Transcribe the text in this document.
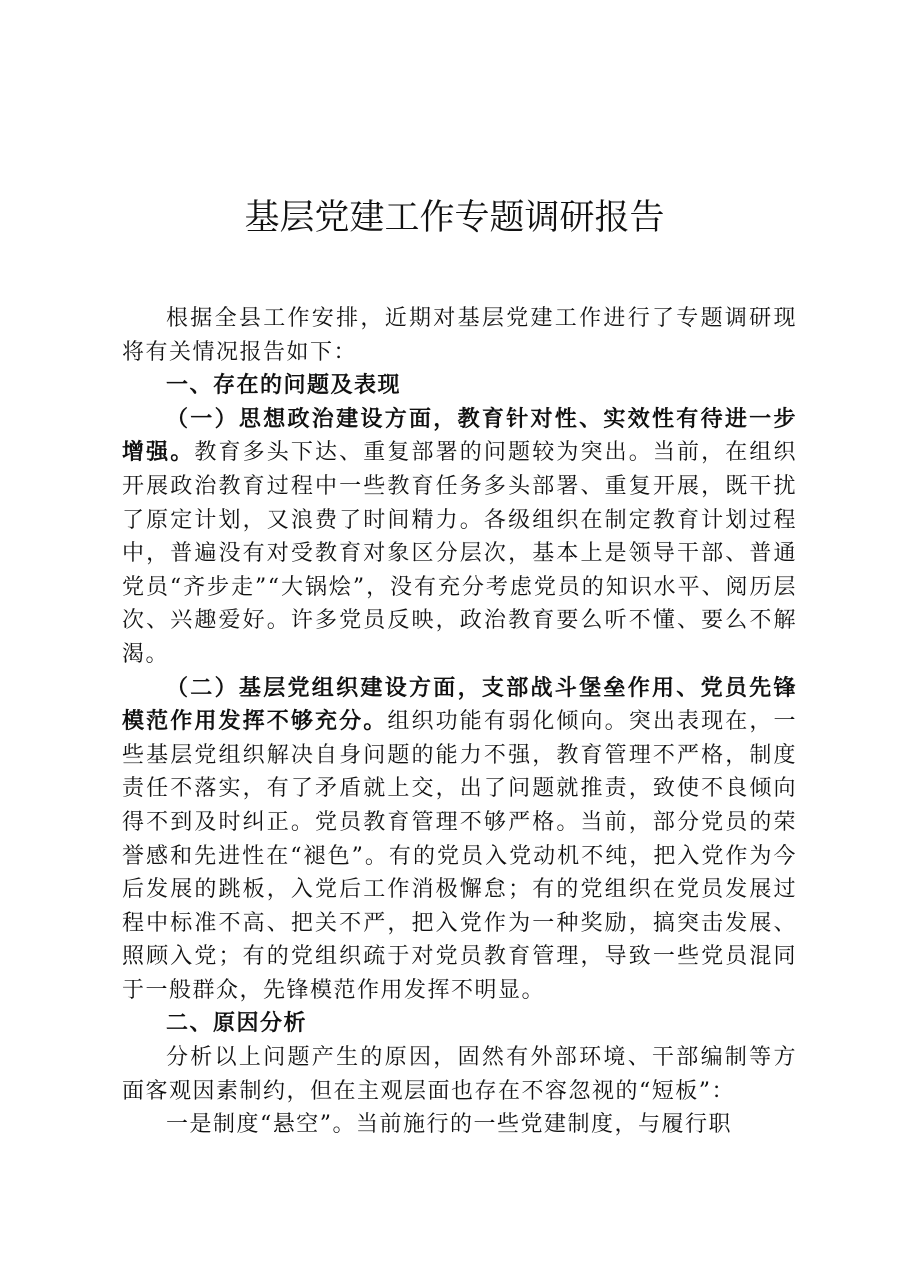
基层党建工作专题调研报告

根据全县工作安排，近期对基层党建工作进行了专题调研现将有关情况报告如下：

一、存在的问题及表现

（一）思想政治建设方面，教育针对性、实效性有待进一步增强。教育多头下达、重复部署的问题较为突出。当前，在组织开展政治教育过程中一些教育任务多头部署、重复开展，既干扰了原定计划，又浪费了时间精力。各级组织在制定教育计划过程中，普遍没有对受教育对象区分层次，基本上是领导干部、普通党员“齐步走”“大锅烩”，没有充分考虑党员的知识水平、阅历层次、兴趣爱好。许多党员反映，政治教育要么听不懂、要么不解渴。

（二）基层党组织建设方面，支部战斗堡垒作用、党员先锋模范作用发挥不够充分。组织功能有弱化倾向。突出表现在，一些基层党组织解决自身问题的能力不强，教育管理不严格，制度责任不落实，有了矛盾就上交，出了问题就推责，致使不良倾向得不到及时纠正。党员教育管理不够严格。当前，部分党员的荣誉感和先进性在“褪色”。有的党员入党动机不纯，把入党作为今后发展的跳板，入党后工作消极懈怠；有的党组织在党员发展过程中标准不高、把关不严，把入党作为一种奖励，搞突击发展、照顾入党；有的党组织疏于对党员教育管理，导致一些党员混同于一般群众，先锋模范作用发挥不明显。

二、原因分析

分析以上问题产生的原因，固然有外部环境、干部编制等方面客观因素制约，但在主观层面也存在不容忽视的“短板”：

一是制度“悬空”。当前施行的一些党建制度，与履行职
